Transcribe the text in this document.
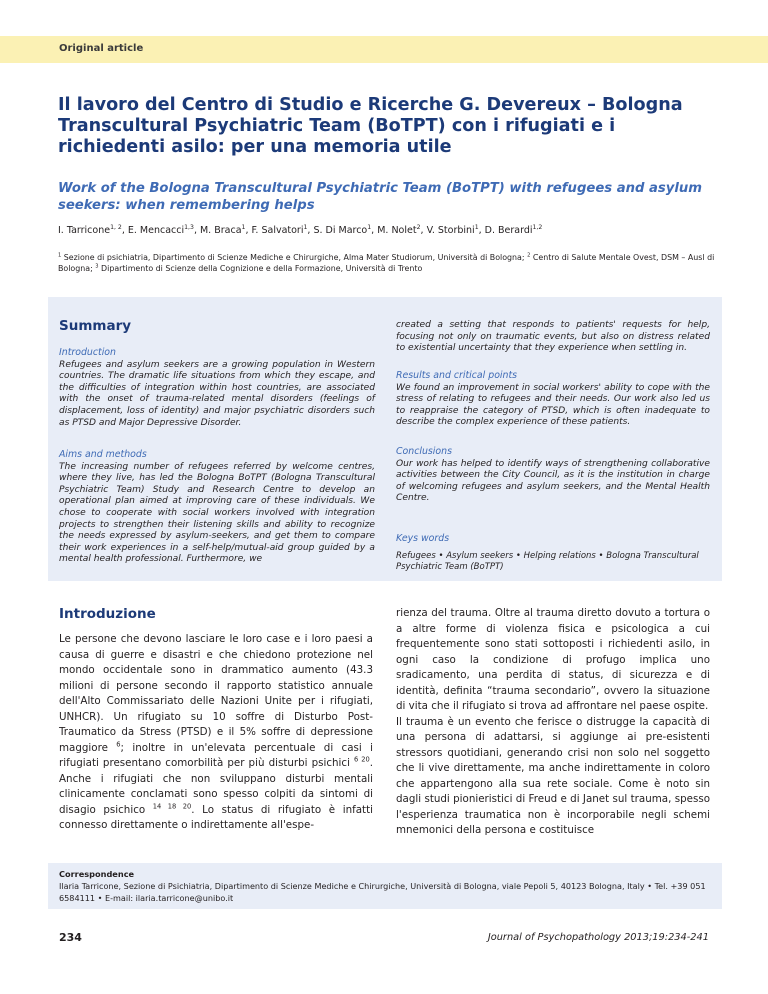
Original article
Il lavoro del Centro di Studio e Ricerche G. Devereux – Bologna Transcultural Psychiatric Team (BoTPT) con i rifugiati e i richiedenti asilo: per una memoria utile
Work of the Bologna Transcultural Psychiatric Team (BoTPT) with refugees and asylum seekers: when remembering helps
I. Tarricone$^{1, 2}$, E. Mencacci$^{1,3}$, M. Braca$^1$, F. Salvatori$^1$, S. Di Marco$^1$, M. Nolet$^2$, V. Storbini$^1$, D. Berardi$^{1,2}$
$^1$ Sezione di psichiatria, Dipartimento di Scienze Mediche e Chirurgiche, Alma Mater Studiorum, Università di Bologna; $^2$ Centro di Salute Mentale Ovest, DSM – Ausl di Bologna; $^3$ Dipartimento di Scienze della Cognizione e della Formazione, Università di Trento
Summary
Introduction

Refugees and asylum seekers are a growing population in Western countries. The dramatic life situations from which they escape, and the difficulties of integration within host countries, are associated with the onset of trauma-related mental disorders (feelings of displacement, loss of identity) and major psychiatric disorders such as PTSD and Major Depressive Disorder.

Aims and methods

The increasing number of refugees referred by welcome centres, where they live, has led the Bologna BoTPT (Bologna Transcultural Psychiatric Team) Study and Research Centre to develop an operational plan aimed at improving care of these individuals. We chose to cooperate with social workers involved with integration projects to strengthen their listening skills and ability to recognize the needs expressed by asylum-seekers, and get them to compare their work experiences in a self-help/mutual-aid group guided by a mental health professional. Furthermore, we

created a setting that responds to patients' requests for help, focusing not only on traumatic events, but also on distress related to existential uncertainty that they experience when settling in.

Results and critical points

We found an improvement in social workers' ability to cope with the stress of relating to refugees and their needs. Our work also led us to reappraise the category of PTSD, which is often inadequate to describe the complex experience of these patients.

Conclusions

Our work has helped to identify ways of strengthening collaborative activities between the City Council, as it is the institution in charge of welcoming refugees and asylum seekers, and the Mental Health Centre.

Keys words

Refugees • Asylum seekers • Helping relations • Bologna Transcultural Psychiatric Team (BoTPT)

Introduzione

Le persone che devono lasciare le loro case e i loro paesi a causa di guerre e disastri e che chiedono protezione nel mondo occidentale sono in drammatico aumento (43.3 milioni di persone secondo il rapporto statistico annuale dell'Alto Commissariato delle Nazioni Unite per i rifugiati, UNHCR). Un rifugiato su 10 soffre di Disturbo Post-Traumatico da Stress (PTSD) e il 5% soffre di depressione maggiore $^6$; inoltre in un'elevata percentuale di casi i rifugiati presentano comorbilità per più disturbi psichici $^{6 20}$. Anche i rifugiati che non sviluppano disturbi mentali clinicamente conclamati sono spesso colpiti da sintomi di disagio psichico $^{14 18 20}$. Lo status di rifugiato è infatti connesso direttamente o indirettamente all'espe-

rienza del trauma. Oltre al trauma diretto dovuto a tortura o a altre forme di violenza fisica e psicologica a cui frequentemente sono stati sottoposti i richiedenti asilo, in ogni caso la condizione di profugo implica uno sradicamento, una perdita di status, di sicurezza e di identità, definita “trauma secondario”, ovvero la situazione di vita che il rifugiato si trova ad affrontare nel paese ospite.

Il trauma è un evento che ferisce o distrugge la capacità di una persona di adattarsi, si aggiunge ai pre-esistenti stressors quotidiani, generando crisi non solo nel soggetto che li vive direttamente, ma anche indirettamente in coloro che appartengono alla sua rete sociale. Come è noto sin dagli studi pionieristici di Freud e di Janet sul trauma, spesso l'esperienza traumatica non è incorporabile negli schemi mnemonici della persona e costituisce

Correspondence
Ilaria Tarricone, Sezione di Psichiatria, Dipartimento di Scienze Mediche e Chirurgiche, Università di Bologna, viale Pepoli 5, 40123 Bologna, Italy • Tel. +39 051 6584111 • E-mail: ilaria.tarricone@unibo.it
234	Journal of Psychopathology 2013;19:234-241
